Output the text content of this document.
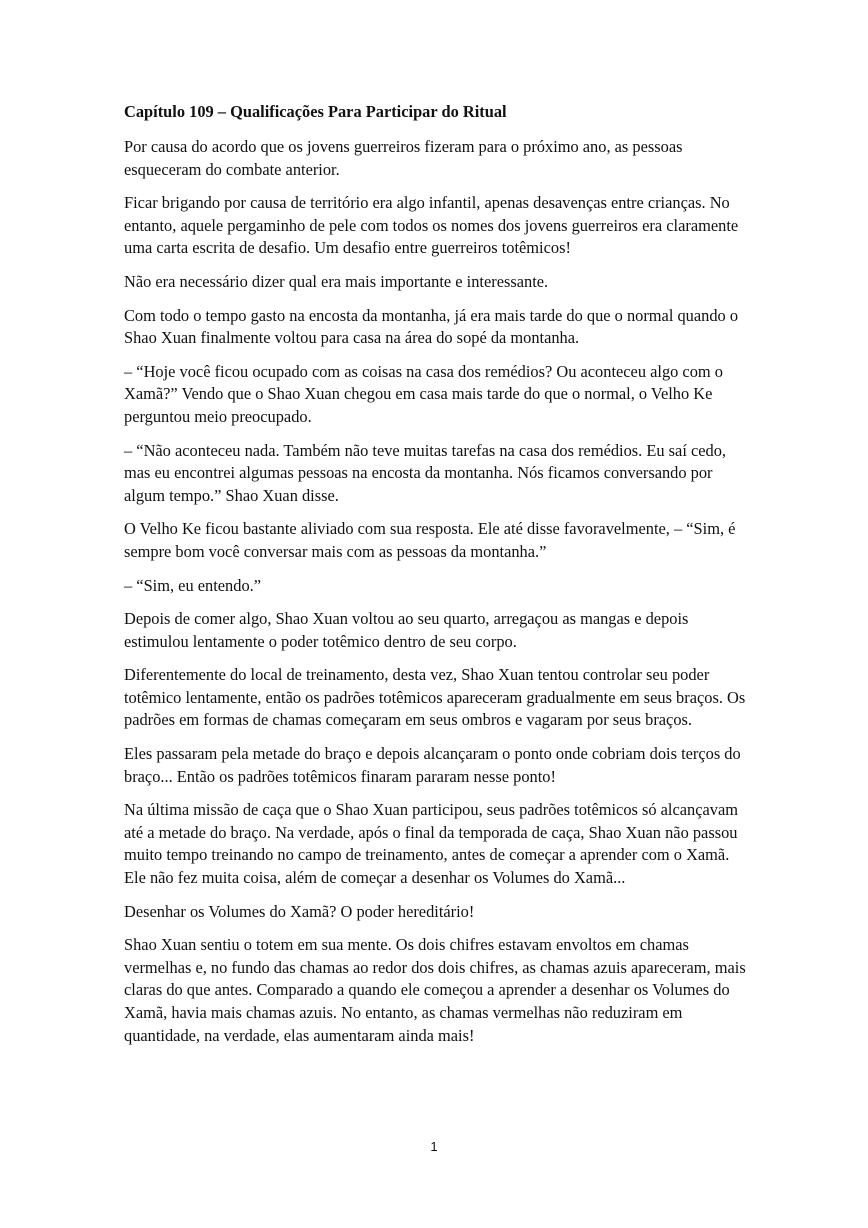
Capítulo 109 – Qualificações Para Participar do Ritual
Por causa do acordo que os jovens guerreiros fizeram para o próximo ano, as pessoas esqueceram do combate anterior.
Ficar brigando por causa de território era algo infantil, apenas desavenças entre crianças. No entanto, aquele pergaminho de pele com todos os nomes dos jovens guerreiros era claramente uma carta escrita de desafio. Um desafio entre guerreiros totêmicos!
Não era necessário dizer qual era mais importante e interessante.
Com todo o tempo gasto na encosta da montanha, já era mais tarde do que o normal quando o Shao Xuan finalmente voltou para casa na área do sopé da montanha.
– “Hoje você ficou ocupado com as coisas na casa dos remédios? Ou aconteceu algo com o Xamã?” Vendo que o Shao Xuan chegou em casa mais tarde do que o normal, o Velho Ke perguntou meio preocupado.
– “Não aconteceu nada. Também não teve muitas tarefas na casa dos remédios. Eu saí cedo, mas eu encontrei algumas pessoas na encosta da montanha. Nós ficamos conversando por algum tempo.” Shao Xuan disse.
O Velho Ke ficou bastante aliviado com sua resposta. Ele até disse favoravelmente, – “Sim, é sempre bom você conversar mais com as pessoas da montanha.”
– “Sim, eu entendo.”
Depois de comer algo, Shao Xuan voltou ao seu quarto, arregaçou as mangas e depois estimulou lentamente o poder totêmico dentro de seu corpo.
Diferentemente do local de treinamento, desta vez, Shao Xuan tentou controlar seu poder totêmico lentamente, então os padrões totêmicos apareceram gradualmente em seus braços. Os padrões em formas de chamas começaram em seus ombros e vagaram por seus braços.
Eles passaram pela metade do braço e depois alcançaram o ponto onde cobriam dois terços do braço... Então os padrões totêmicos finaram pararam nesse ponto!
Na última missão de caça que o Shao Xuan participou, seus padrões totêmicos só alcançavam até a metade do braço. Na verdade, após o final da temporada de caça, Shao Xuan não passou muito tempo treinando no campo de treinamento, antes de começar a aprender com o Xamã. Ele não fez muita coisa, além de começar a desenhar os Volumes do Xamã...
Desenhar os Volumes do Xamã? O poder hereditário!
Shao Xuan sentiu o totem em sua mente. Os dois chifres estavam envoltos em chamas vermelhas e, no fundo das chamas ao redor dos dois chifres, as chamas azuis apareceram, mais claras do que antes. Comparado a quando ele começou a aprender a desenhar os Volumes do Xamã, havia mais chamas azuis. No entanto, as chamas vermelhas não reduziram em quantidade, na verdade, elas aumentaram ainda mais!
1
